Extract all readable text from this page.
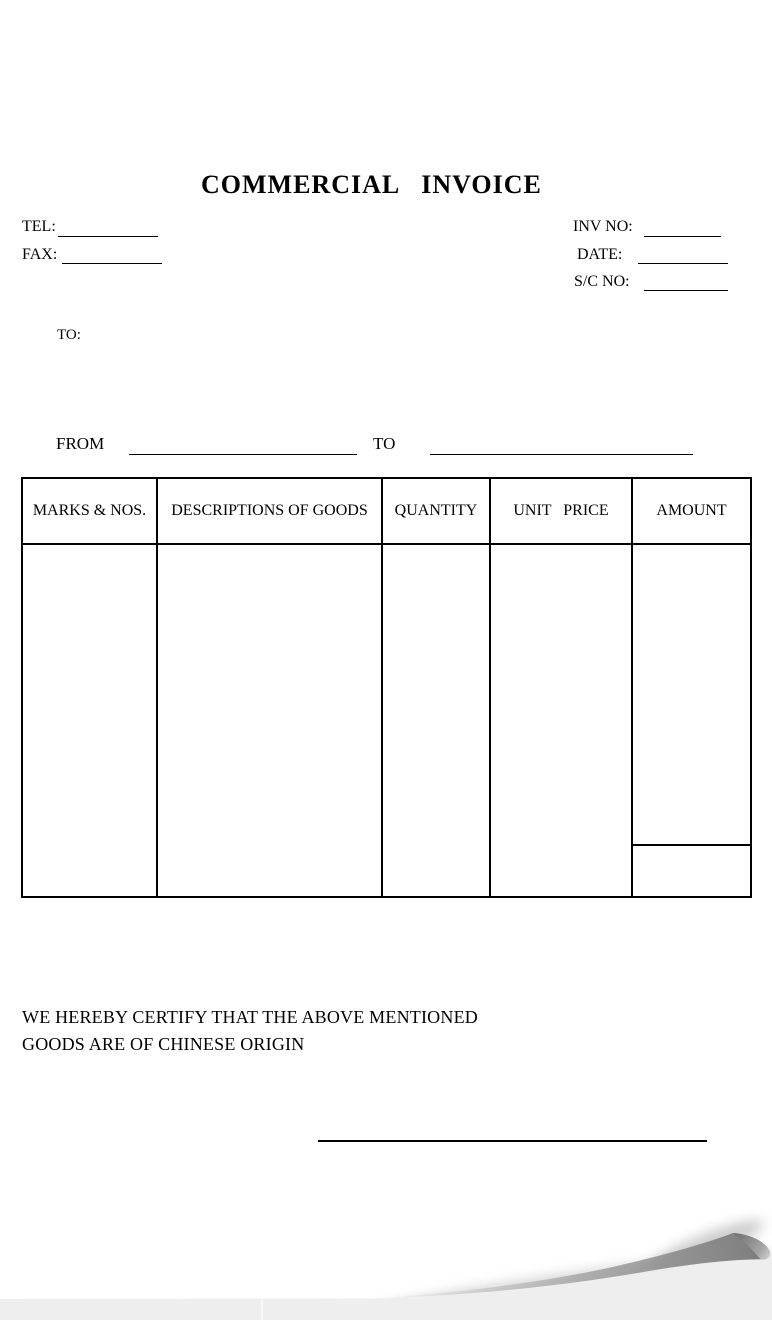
COMMERCIAL   INVOICE
TEL:
FAX:
INV NO:
DATE:
S/C NO:
TO:
FROM	TO
MARKS & NOS.	DESCRIPTIONS OF GOODS	QUANTITY	UNIT   PRICE	AMOUNT
WE HEREBY CERTIFY THAT THE ABOVE MENTIONED
GOODS ARE OF CHINESE ORIGIN
